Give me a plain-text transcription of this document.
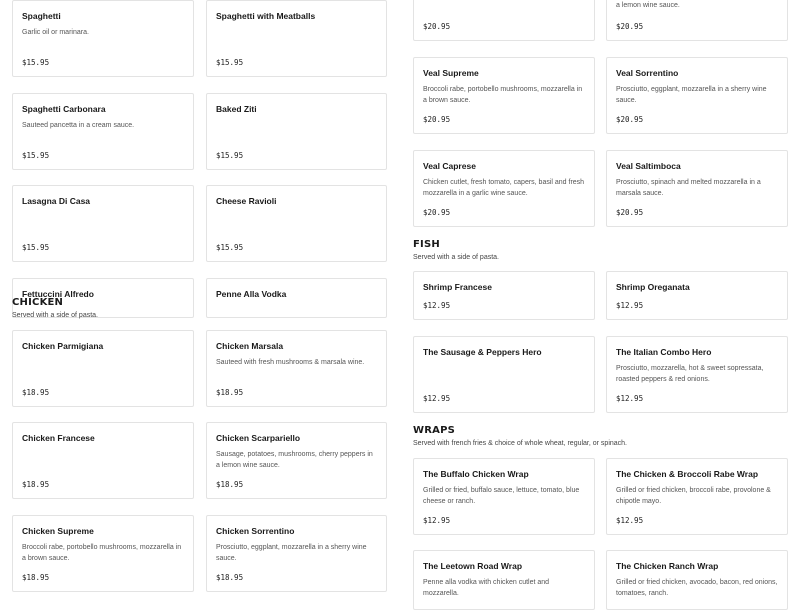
Spaghetti
Garlic oil or marinara.
$15.95
Spaghetti with Meatballs
$15.95
Spaghetti Carbonara
Sauteed pancetta in a cream sauce.
$15.95
Baked Ziti
$15.95
Lasagna Di Casa
$15.95
Cheese Ravioli
$15.95
Fettuccini Alfredo	Penne Alla Vodka
CHICKEN
Served with a side of pasta.
Chicken Parmigiana
$18.95
Chicken Marsala
Sauteed with fresh mushrooms & marsala wine.
$18.95
Chicken Francese
$18.95
Chicken Scarpariello
Sausage, potatoes, mushrooms, cherry peppers in a lemon wine sauce.
$18.95
Chicken Supreme
Broccoli rabe, portobello mushrooms, mozzarella in a brown sauce.
$18.95
Chicken Sorrentino
Prosciutto, eggplant, mozzarella in a sherry wine sauce.
$18.95
$20.95
a lemon wine sauce.
$20.95
Veal Supreme
Broccoli rabe, portobello mushrooms, mozzarella in a brown sauce.
$20.95
Veal Sorrentino
Prosciutto, eggplant, mozzarella in a sherry wine sauce.
$20.95
Veal Caprese
Chicken cutlet, fresh tomato, capers, basil and fresh mozzarella in a garlic wine sauce.
$20.95
Veal Saltimboca
Prosciutto, spinach and melted mozzarella in a marsala sauce.
$20.95
FISH
Served with a side of pasta.
Shrimp Francese
$12.95
Shrimp Oreganata
$12.95
The Sausage & Peppers Hero
$12.95
The Italian Combo Hero
Prosciutto, mozzarella, hot & sweet sopressata, roasted peppers & red onions.
$12.95
WRAPS
Served with french fries & choice of whole wheat, regular, or spinach.
The Buffalo Chicken Wrap
Grilled or fried, buffalo sauce, lettuce, tomato, blue cheese or ranch.
$12.95
The Chicken & Broccoli Rabe Wrap
Grilled or fried chicken, broccoli rabe, provolone & chipotle mayo.
$12.95
The Leetown Road Wrap
Penne alla vodka with chicken cutlet and mozzarella.
The Chicken Ranch Wrap
Grilled or fried chicken, avocado, bacon, red onions, tomatoes, ranch.
